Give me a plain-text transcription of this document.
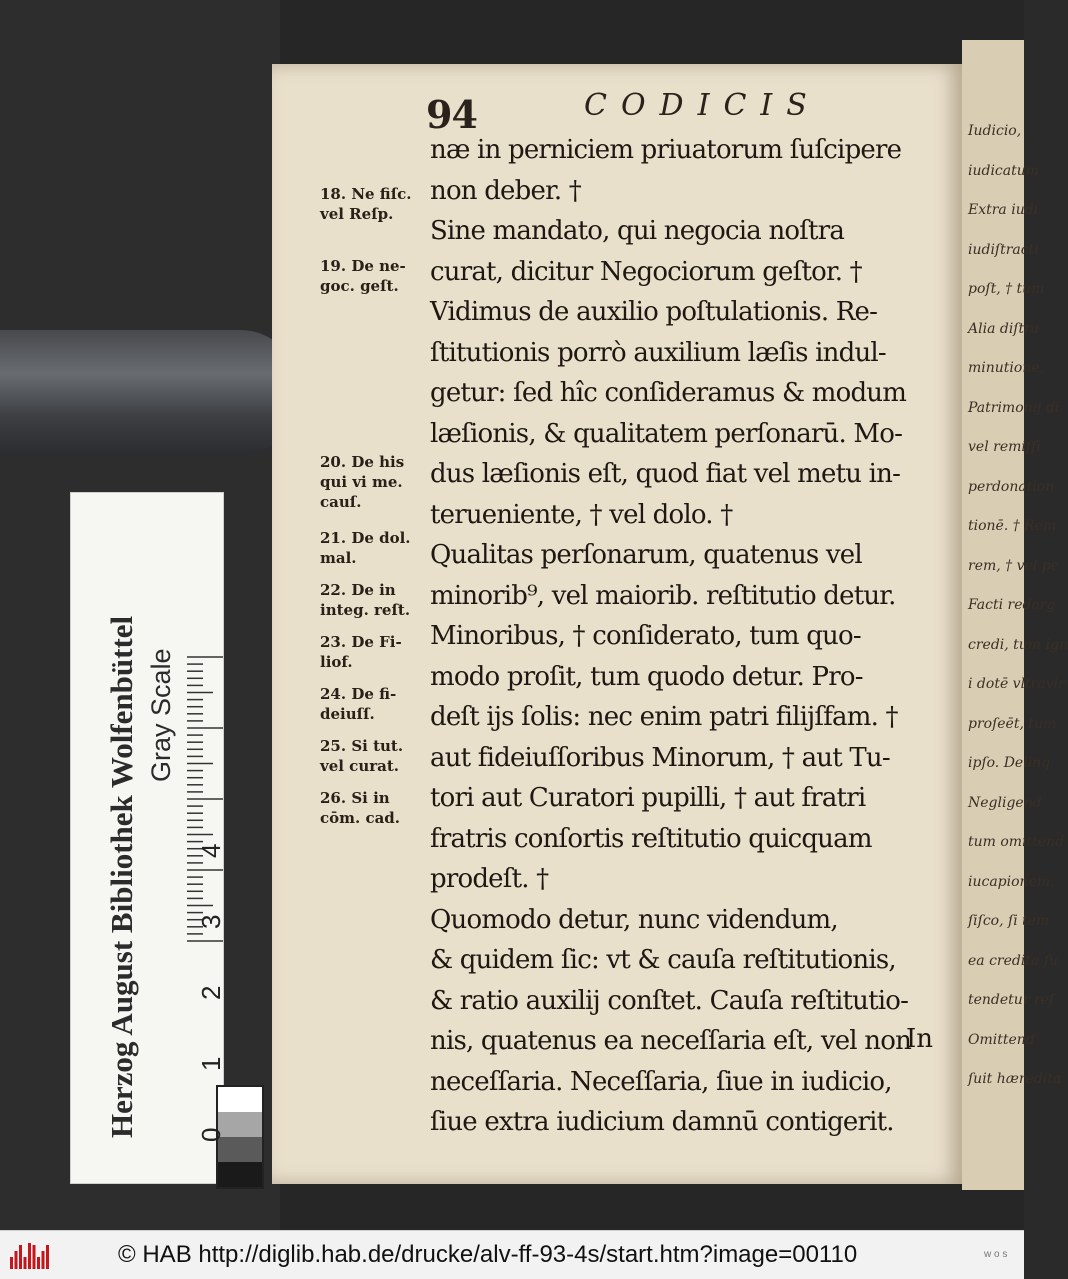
Iudicio,
iudicatum
Extra iudi
iudiſtracti
poſt, † tum
Alia diſtra
minutione,
Patrimonij di
vel remiſſi
perdonation
tionē. † Rem
rem, † vel pe
Facti redarg
credi, tum ign
i dotē vltravir
proſeēt, tum
ipſo. Delinq
Negligend
tum omittend
iucapionem,
ſiſco, ſi tem
ea credita fu
tendetur reſ
Omittend
ſuit hæredita
94	CODICIS
næ in perniciem priuatorum ſuſcipere
non deber. †
Sine mandato, qui negocia noſtra
curat, dicitur Negociorum geſtor. †
Vidimus de auxilio poſtulationis. Re-
ſtitutionis porrò auxilium læſis indul-
getur: ſed hîc conſideramus & modum
læſionis, & qualitatem perſonarū. Mo-
dus læſionis eſt, quod fiat vel metu in-
terueniente, † vel dolo. †
Qualitas perſonarum, quatenus vel
minorib⁹, vel maiorib. reſtitutio detur.
Minoribus, † conſiderato, tum quo-
modo proſit, tum quodo detur. Pro-
deſt ijs ſolis: nec enim patri filijſfam. †
aut fideiuſſoribus Minorum, † aut Tu-
tori aut Curatori pupilli, † aut fratri
fratris conſortis reſtitutio quicquam
prodeſt. †
Quomodo detur, nunc videndum,
& quidem ſic: vt & cauſa reſtitutionis,
& ratio auxilij conſtet. Cauſa reſtitutio-
nis, quatenus ea neceſſaria eſt, vel non
neceſſaria. Neceſſaria, ſiue in iudicio,
ſiue extra iudicium damnū contigerit.
In
18. Ne fiſc.
vel Reſp.
19. De ne-
goc. geſt.
20. De his
qui vi me.
cauſ.
21. De dol.
mal.
22. De in
integ. reſt.
23. De Fi-
liof.
24. De fi-
deiuſſ.
25. Si tut.
vel curat.
26. Si in
cōm. cad.
Herzog August Bibliothek Wolfenbüttel Gray Scale
0
1
2
3
4
© HAB http://diglib.hab.de/drucke/alv-ff-93-4s/start.htm?image=00110	w o s
